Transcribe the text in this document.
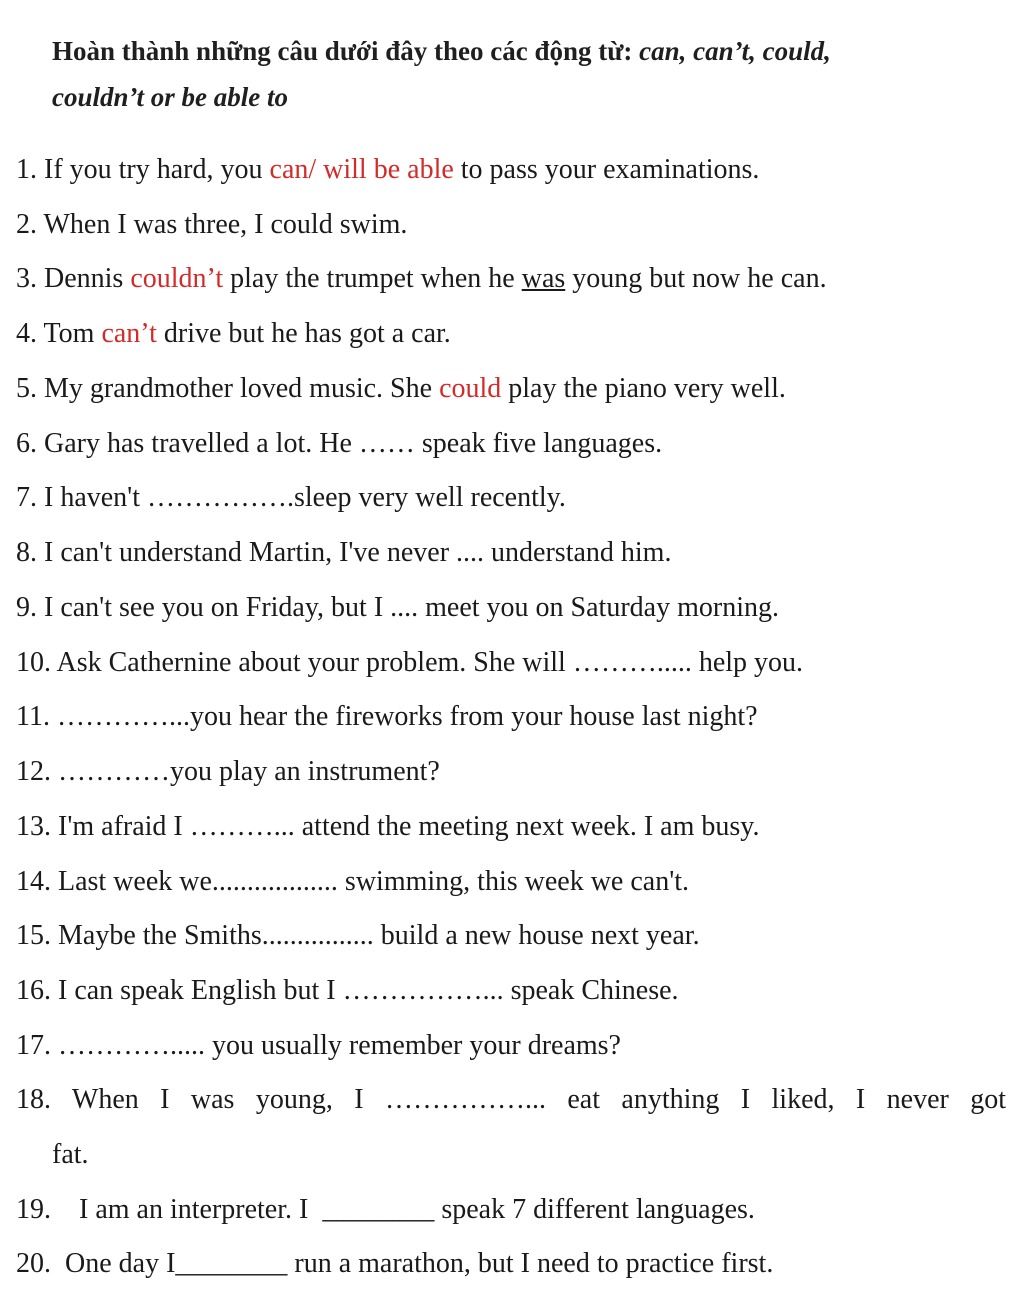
Hoàn thành những câu dưới đây theo các động từ: can, can’t, could,
couldn’t or be able to
1. If you try hard, you can/ will be able to pass your examinations.
2. When I was three, I could swim.
3. Dennis couldn’t play the trumpet when he was young but now he can.
4. Tom can’t drive but he has got a car.
5. My grandmother loved music. She could play the piano very well.
6. Gary has travelled a lot. He …… speak five languages.
7. I haven't …………….sleep very well recently.
8. I can't understand Martin, I've never .... understand him.
9. I can't see you on Friday, but I .... meet you on Saturday morning.
10. Ask Cathernine about your problem. She will ………..... help you.
11. …………...you hear the fireworks from your house last night?
12. …………you play an instrument?
13. I'm afraid I ………... attend the meeting next week. I am busy.
14. Last week we.................. swimming, this week we can't.
15. Maybe the Smiths................ build a new house next year.
16. I can speak English but I ……………... speak Chinese.
17. …………..... you usually remember your dreams?
18. When I was young, I ……………... eat anything I liked, I never got
fat.
19.    I am an interpreter. I  ________ speak 7 different languages.
20.  One day I________ run a marathon, but I need to practice first.
